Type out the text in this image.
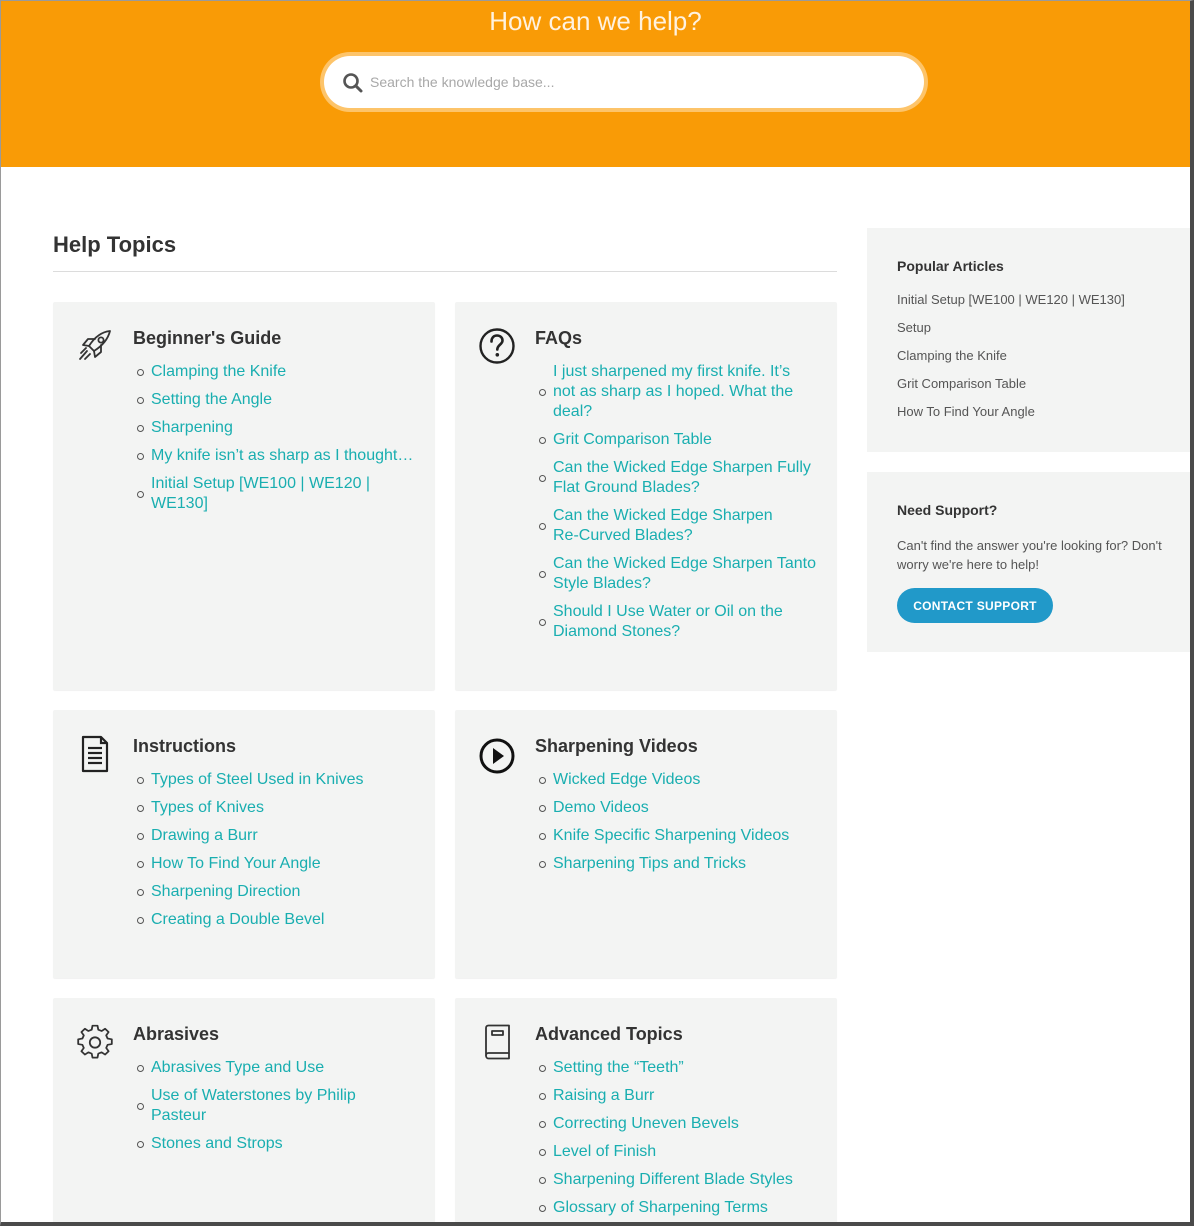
How can we help?
Search the knowledge base...
Help Topics
Beginner's Guide
Clamping the Knife
Setting the Angle
Sharpening
My knife isn’t as sharp as I thought…
Initial Setup [WE100 | WE120 | WE130]
FAQs
I just sharpened my first knife. It’s not as sharp as I hoped. What the deal?
Grit Comparison Table
Can the Wicked Edge Sharpen Fully Flat Ground Blades?
Can the Wicked Edge Sharpen Re-Curved Blades?
Can the Wicked Edge Sharpen Tanto Style Blades?
Should I Use Water or Oil on the Diamond Stones?
Instructions
Types of Steel Used in Knives
Types of Knives
Drawing a Burr
How To Find Your Angle
Sharpening Direction
Creating a Double Bevel
Sharpening Videos
Wicked Edge Videos
Demo Videos
Knife Specific Sharpening Videos
Sharpening Tips and Tricks
Abrasives
Abrasives Type and Use
Use of Waterstones by Philip Pasteur
Stones and Strops
Advanced Topics
Setting the “Teeth”
Raising a Burr
Correcting Uneven Bevels
Level of Finish
Sharpening Different Blade Styles
Glossary of Sharpening Terms
Popular Articles
Initial Setup [WE100 | WE120 | WE130]
Setup
Clamping the Knife
Grit Comparison Table
How To Find Your Angle
Need Support?
Can't find the answer you're looking for? Don't worry we're here to help!
CONTACT SUPPORT
